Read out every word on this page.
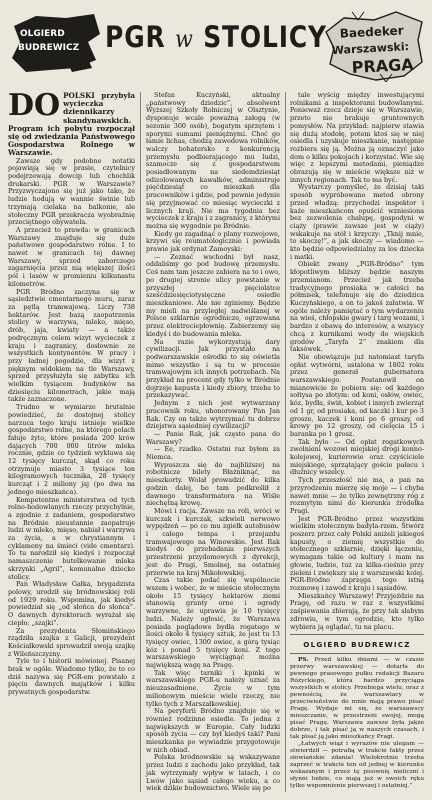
OLGIERD
BUDREWICZ PGR w STOLICY	Baedeker
Warszawski:
PRAGA
DO POLSKI przybyła wycieczka dziennikarzy skandynawskich. Program ich pobytu rozpoczął się od zwiedzania Państwowego Gospodarstwa Rolnego w Warszawie.

Zawsze gdy podobne notatki pojawiają się w prasie, czytelnicy podejrzewają dowcip lub chochlik drukarski. PGR w Warszawie? Przyzwyczajono się już jako tako, że ludzie hodują w wannie świnie lub trzymają cielaka na balkonie, ale stołeczny PGR przekracza wyobraźnię przeciętnego obywatela.

A przecież to prawda: w granicach Warszawy znajduje się duże państwowe gospodarstwo rolne. I to nawet w granicach tej dawnej Warszawy, sprzed zaborczego zagarnięcia przez nią większej ilości pól i lasów w promieniu kilkunastu kilometrów.

PGR Bródno zaczyna się w sąsiedztwie cmentarnego muru, zaraz za pętlą tramwajową. Liczy 738 hektarów. Jest bazą zaopatrzenia stolicy w warzywa, mleko, mięso, drób, jaja, kwiaty — a także podręcznym celem wizyt wycieczek z kraju i zagranicy, dosłownie ze wszystkich kontynentów. W pracy i przy ładnej pogodzie, dla wizyt z pięknym widokiem na tle Warszawy, sprzed przysłużyła się zabytku ich wielkim tysiącem budynków na dziesięciu kilometrach, jakie mają także zaznaczone.

Trudno w wymiarze brutalnie powiedzieć, że dostojnej stolicy narzuca tego kraju istnieje wielkie gospodarstwo rolne, na którego polach fałuje żyto, które posiada 200 krów dających 700 000 litrów mleka rocznie, gdzie co tydzień wykluwa się 12 tysięcy kurcząt, skąd co roku otrzymuje miasto 3 tysiące ton kilogramowych tucznika, 28 tysięcy kurcząt i 2 miliony jaj (po dwa na jednego mieszkańca).

Kompetentne ministerstwa od tych rolno-hodowlanych rzeczy przychylnie, a zgodnie z zadaniem, gospodarstwo na Bródnie nieustannie zaopatruje ludzi w mleko, mięso, nabiał i warzywa za życia, a w chrystiannym i cyklameny na śmieci (vide cmentarz). To tu narodził się kiedyś i rozpoczął namaszczenie butelkowanie mleka skrzynki „Agril”, komunalne dziecko stolicy.

Pan Władysław Gałka, brygadzista polowy, urodził się bródnowskiej roli od 1929 roku. Wspomina, jak kiedyś powiedział się „od słońca do słońca”. O dawnych dyrektorach wyrażał się ciepło: „szajki”.

Za prezydenta Słomińskiego rządziła szajka z Galicji, prezydent Kościałkowski sprowadził swoją szajkę z Wileńszczyzny.

Tyle to i historii mówionej. Pisanej brak w ogóle. Wiadomo tylko, że to co dziś nazywa się PGR-em powstało z pięciu dawnych majątków i kilku prywatnych gospodarstw.

Stefan Kuczyński, aktualny „państwowy dziedzic”, absolwent Wyższej Szkoły Rolniczej w Olsztynie, dysponuje wcale poważną załogą (w sezonie 300 osób), bogatym sprzętem i sporymi sumami pieniężnymi. Choć go łamie lichas, chodzą zawodowa rolników, walczy bohatersko z konkurencją przemysłu podbierającego mu ludzi, szamocze się z gospodarstwem posiadłowanym na siedemdziesiąt odizolowanych kawałków, administruje pięćdziesiąt co mieszkań dla pracowników i gdzie, pod pewnie jedynie się przyjmować co miesiąc wycieczki z licznych kraji. Nie ma tygodnia bez wycieczek z kraju i z zagranicy, z którymi można się wygodnie po Bródnie.

Kiedy go zagadnąć o plany rozwojowe, krzywi się reumatologicznie i powiada prawie jak ordynat Zamoyski:

— Zeznać wschodni był nasz, oddaliśmy go pod budowę przemysłu. Coś nam tam jeszcze zabiera na to i owo, po drugiej stronie ulicy powstanie w przyszłej pięciolatce sześćdziesięciotysięczne osiedle mieszkaniowe. Ale nie zginiemy. Będzie my mieli na przyległej nadwiślanej w Polsce szklarnie ogrodnicze, ogrzewana przez elektrociepłownię. Zabierzemy się kiedyś i do budowania mleka.

Na razie wykorzystują dary cywilizacji. Jak przystało na podwarszawskie ośrodki to się oświetla mimo wszystko i są tu w procesie tramwajowym ich innych potrzebach. Na przykład na procent gdy tylko w Bródnie dojrzeje kapusta i kiedy zbiory, trzeba to przekazywać.

Jednym z nich jest wytwarzany pracownik roku, uhonorowany Pan Jan Rak. Czy on także wytrzymać tu dobrze dziejstwa sąsiedniej cywilizacji?

— Panie Rak, jak często pana do Warszawy?

— Ee, rzadko. Ostatni raz byłem za Niemca.

Wypuszcza się do najbliższej na robotnicze bilety Błażniknąć, na mieszkorty. Wolał prowadzić do kilka godzin dalej, bo tam podkreślił z dawnego transformatora na Wiśle niechętną krowę.

Mówi i racja. Zawsze na roli, wróci w kurczak i kurczak, szkwieli nerwowo wypędzeń — po co mu zgiełk autobusów i całego tempa i przejazdu tramwajowego na Winowskie. Jest Rak kiedyś do przebadania pierwszych przestrzeni przydomowych z dyrekcji, jest do Pragi, Smolnej, na ostatniej przerwie na kraj Mikołowskiej.

Czas takie podać się wspólnocie wszem i wobec, że w mieście stołecznym około 15 tysięcy hektarów ziemi stanowią grunty orne i ogrody warzywne, że uprawia je 10 tysięcy ludzi. Należy ogłosić, że Warszawa posiada poglądowe bydła rogatego w ilości około 4 tysięcy sztuk, że jest tu 13 tysięcy owiec, 1300 owiec, a górą tysiąc kóz i ponad 5 tysięcy koni. Z tego warszawskiego wyciągnąć można największą wagę na Pragę.

Tak więc tarniki i kpinki w warszawskiego PGR-u należy uznać za nieuzasadnione. Życie w tym milionowym mieście wiele rzeczy, nie tylko tych z Marszałkowskiej.

Na peryferii Bródno znajduje się w również rodzinne osiedle. To jedna z największych w Europie. Cały ludzki sposób życia — czy był kiedyś taki? Pani mieszkanka po wywiadzie przygotowuje w nich obiad.

Polska bródnowskie są wskazywane przez ludzi z zachodu jako przykład, tak jak wytrzymały wpływ w latach, i co Lwów jako sąsiad całego wieku, a co wiek dzikie budownictwo. Wiele się po

tale wyścig między inwestującymi rolnikami a inspektorami budowlanymi. Ponieważ rzecz dzieje się w Warszawie, przeto nie brakuje gruntownych pomysłów. Na przykład: najpierw stawia się dużą stodołę, potem ktoś się w niej osiedla i uzyskuje mieszkanie, następnie rozbiera się ją. Można ją oznaczyć jako dom o kilku pokojach i korzystać. Wie się więc z lepszymi metodami, pieniądze obrazują się w mieście większe niż w innych regionach. Tak to ma być.

Wystarczy pomyśleć, że dzisiaj taki sposób wypróbowano metod obrony przed władzą: przychodzi inspektor i każe mieszkańcom opuścić wzniesiona bez zezwolenia chałupę, gospodyni w ciąży (prawie zawsze jest w ciąży) wskakuje na stół i krzyczy: „Tknij mnie, to skoczę!”, a jak skoczy — wiadomo — kto będzie odpowiedzialny za los dziecka i matki.

Obiekt zwany „PGR-Bródno” tym kłopotliwym bliższy będzie naszym przemianom. Przecież jak trzeba tradycyjnego prosiaka w całości na półmisek, telefonuje się do dziedzica Kuczyńskiego, a on to jakoś załatwia. W ogóle należy pamiętać o tym wydarzeniu na wieś, chłopskie gwary i targ wozami, i bardzo z obawą do interesów, a wszyscy chcą z kurnikami wody do wiejskich grodów „Taryfa 2” znakiem dla taksówek.

Nie obowiązuje już natomiast taryfa opłat wytwórni, ustalona w 1802 roku przez generał gubernatora warszawskiego. Postanowił on mianowicie że pobiera się: od każdego sołtysa po złotym: od koni, osłów, owiec, kóz, bydła, świń, kobiet i innych zwierząt od 1 gr, od prosiaka, od kaczki i kur po 3 grosze, kaczek i koni po 6 groszy, od krowy po 12 groszy, od cielęcia 15 i baranka po 1 grosz.

Tak było — Od opłat rogatkowych zwolnieni wozowi miejskiej drogi konno-kolejowej, kurierowie oraz czyściciele miejskiego, sprzątający goście pałacu i dłużnicy wszelcy.

Tych przeszłość nie ma, a pan na przyrodzeniu mierzę się moje — i chyba nawet mnie — że tylko zewnętrzny róg z rozmytym nimi do kierunku źródełka Pragi.

Jest PGR-Bródno przez wszystkim wielkim stołecznym badyla-rzem. Stwórz poszerz przez cały Polski aniżeli jakiegoś kapusty, o ziemię wszystkie do stołecznego szklarnie, dzięki łączeniu, wymagam takie od kultury i mam na głowie, ludzie, tuż za kilka-cieśnio przy zieleni i zwiększy się z warszawski kolej. PGR-Bródno zaprzęga tego istną rozmowę i zawód z kraju i sąsiadów.

Mieszkańcy Warszawy! Przyjeździe na Pragę, od razu w raz z wszystkimi zaśpiewania zbierają, że przy tak słabym zdrowiu, w tym ogrodzie, kto tylko wybiera ją oglądać, tu na placu.

OLGIERD BUDREWICZ

PS. Przed kilku dniami — w czasie przerwy warszawskiej — dotarła do pewnego prasowego pułku redakcji Bazaru Różyckiego, która bardzo przyciąga wszystkich w stolicy. Przebiega wielu, oraz z pewnością, że warszawiacy w przeciwieństwie do mnie mają prawo pisać Pragę. Wydaje mi się, że warszawscy mieszczanie, w przestrzeni swojej, mogą pisać Pragę. Warszawa zawsze była jakże dobrze, i tak pisać ją w naszych czasach, i tak pisać ją jako mieszkańcy Pragi.

„Łatwych wiąż i wyrazów nie ulegam — stwierdził — potrafią w trakcie fakty przez słowiańskie zdania! Wielokrotnie trzeba zaprzeć w trakcie ten od jednej w kierunku wskazanym i przez tę pisownię nieliczni i słynni ludzie, co mają już w swoich ręku tylko wspomnienie pierwszej i ostatniej.”
